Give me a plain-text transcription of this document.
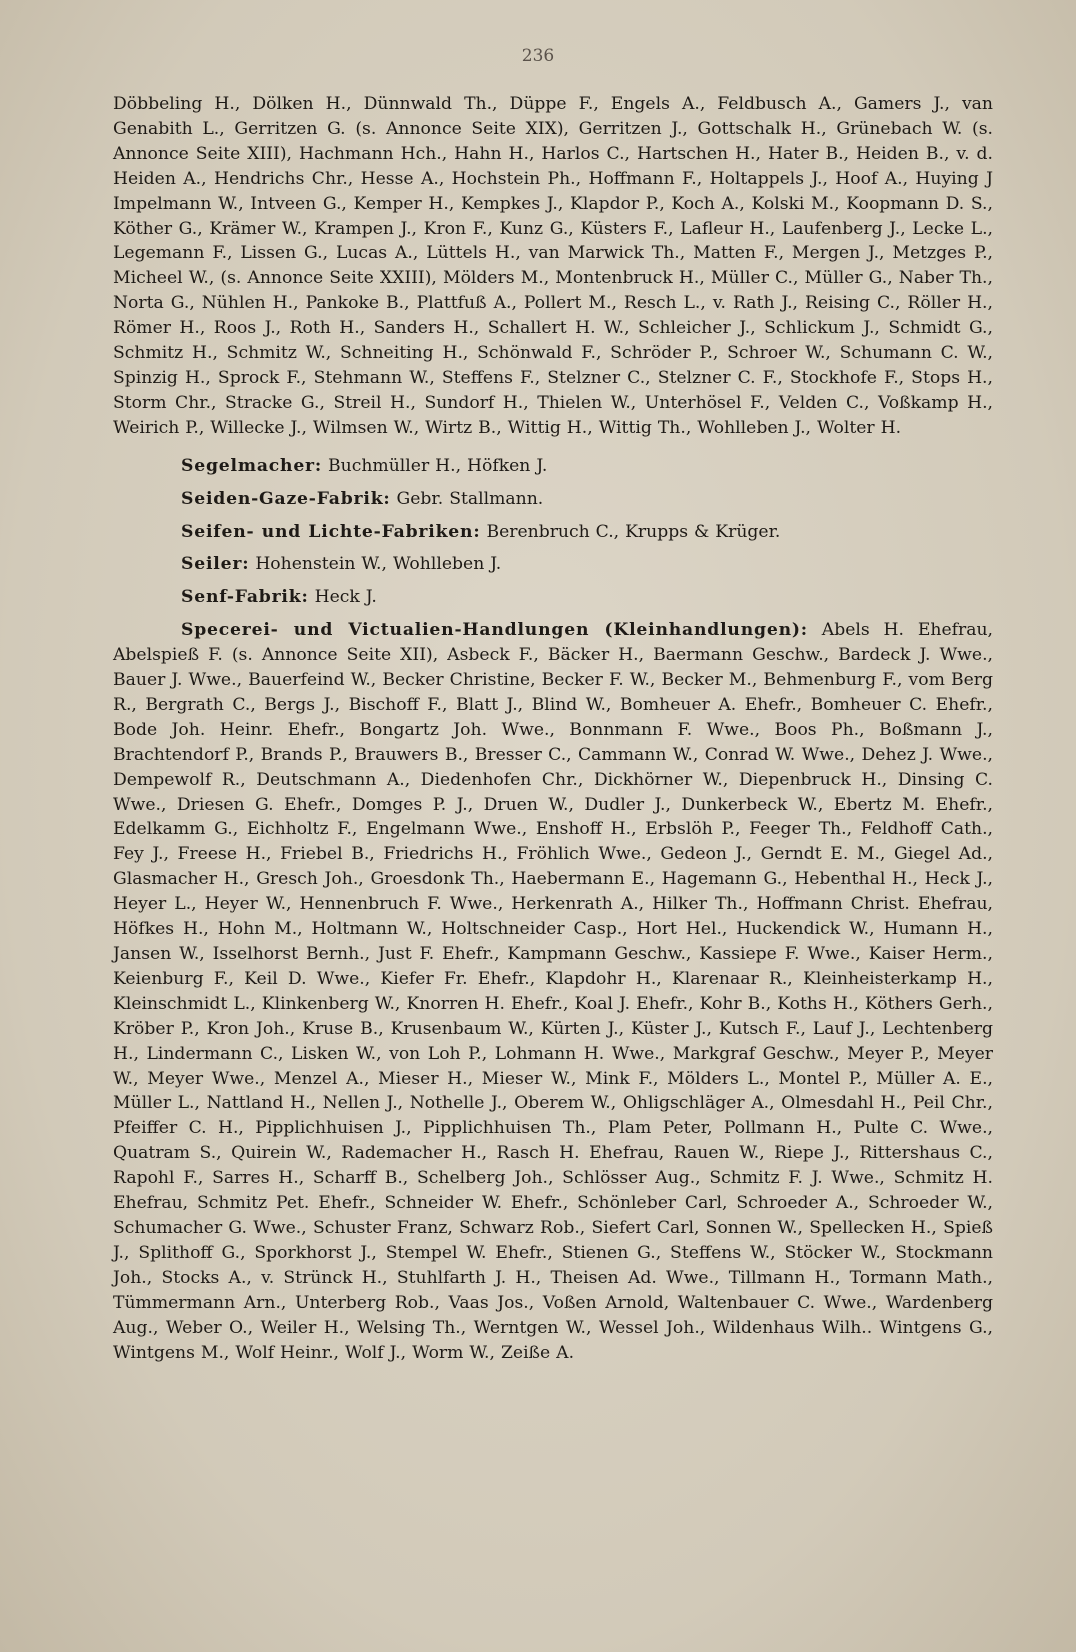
236

Döbbeling H., Dölken H., Dünnwald Th., Düppe F., Engels A., Feldbusch A., Gamers J., van Genabith L., Gerritzen G. (s. Annonce Seite XIX), Gerritzen J., Gottschalk H., Grünebach W. (s. Annonce Seite XIII), Hachmann Hch., Hahn H., Harlos C., Hartschen H., Hater B., Heiden B., v. d. Heiden A., Hendrichs Chr., Hesse A., Hochstein Ph., Hoffmann F., Holtappels J., Hoof A., Huying J Impelmann W., Intveen G., Kemper H., Kempkes J., Klapdor P., Koch A., Kolski M., Koopmann D. S., Köther G., Krämer W., Krampen J., Kron F., Kunz G., Küsters F., Lafleur H., Laufenberg J., Lecke L., Legemann F., Lissen G., Lucas A., Lüttels H., van Marwick Th., Matten F., Mergen J., Metzges P., Micheel W., (s. Annonce Seite XXIII), Mölders M., Montenbruck H., Müller C., Müller G., Naber Th., Norta G., Nühlen H., Pankoke B., Plattfuß A., Pollert M., Resch L., v. Rath J., Reising C., Röller H., Römer H., Roos J., Roth H., Sanders H., Schallert H. W., Schleicher J., Schlickum J., Schmidt G., Schmitz H., Schmitz W., Schneiting H., Schönwald F., Schröder P., Schroer W., Schumann C. W., Spinzig H., Sprock F., Stehmann W., Steffens F., Stelzner C., Stelzner C. F., Stockhofe F., Stops H., Storm Chr., Stracke G., Streil H., Sundorf H., Thielen W., Unterhösel F., Velden C., Voßkamp H., Weirich P., Willecke J., Wilmsen W., Wirtz B., Wittig H., Wittig Th., Wohlleben J., Wolter H.

Segelmacher: Buchmüller H., Höfken J.

Seiden-Gaze-Fabrik: Gebr. Stallmann.

Seifen- und Lichte-Fabriken: Berenbruch C., Krupps & Krüger.

Seiler: Hohenstein W., Wohlleben J.

Senf-Fabrik: Heck J.

Specerei- und Victualien-Handlungen (Kleinhandlungen): Abels H. Ehefrau, Abelspieß F. (s. Annonce Seite XII), Asbeck F., Bäcker H., Baermann Geschw., Bardeck J. Wwe., Bauer J. Wwe., Bauerfeind W., Becker Christine, Becker F. W., Becker M., Behmenburg F., vom Berg R., Bergrath C., Bergs J., Bischoff F., Blatt J., Blind W., Bomheuer A. Ehefr., Bomheuer C. Ehefr., Bode Joh. Heinr. Ehefr., Bongartz Joh. Wwe., Bonnmann F. Wwe., Boos Ph., Boßmann J., Brachtendorf P., Brands P., Brauwers B., Bresser C., Cammann W., Conrad W. Wwe., Dehez J. Wwe., Dempewolf R., Deutschmann A., Diedenhofen Chr., Dickhörner W., Diepenbruck H., Dinsing C. Wwe., Driesen G. Ehefr., Domges P. J., Druen W., Dudler J., Dunkerbeck W., Ebertz M. Ehefr., Edelkamm G., Eichholtz F., Engelmann Wwe., Enshoff H., Erbslöh P., Feeger Th., Feldhoff Cath., Fey J., Freese H., Friebel B., Friedrichs H., Fröhlich Wwe., Gedeon J., Gerndt E. M., Giegel Ad., Glasmacher H., Gresch Joh., Groesdonk Th., Haebermann E., Hagemann G., Hebenthal H., Heck J., Heyer L., Heyer W., Hennenbruch F. Wwe., Herkenrath A., Hilker Th., Hoffmann Christ. Ehefrau, Höfkes H., Hohn M., Holtmann W., Holtschneider Casp., Hort Hel., Huckendick W., Humann H., Jansen W., Isselhorst Bernh., Just F. Ehefr., Kampmann Geschw., Kassiepe F. Wwe., Kaiser Herm., Keienburg F., Keil D. Wwe., Kiefer Fr. Ehefr., Klapdohr H., Klarenaar R., Kleinheisterkamp H., Kleinschmidt L., Klinkenberg W., Knorren H. Ehefr., Koal J. Ehefr., Kohr B., Koths H., Köthers Gerh., Kröber P., Kron Joh., Kruse B., Krusenbaum W., Kürten J., Küster J., Kutsch F., Lauf J., Lechtenberg H., Lindermann C., Lisken W., von Loh P., Lohmann H. Wwe., Markgraf Geschw., Meyer P., Meyer W., Meyer Wwe., Menzel A., Mieser H., Mieser W., Mink F., Mölders L., Montel P., Müller A. E., Müller L., Nattland H., Nellen J., Nothelle J., Oberem W., Ohligschläger A., Olmesdahl H., Peil Chr., Pfeiffer C. H., Pipplichhuisen J., Pipplichhuisen Th., Plam Peter, Pollmann H., Pulte C. Wwe., Quatram S., Quirein W., Rademacher H., Rasch H. Ehefrau, Rauen W., Riepe J., Rittershaus C., Rapohl F., Sarres H., Scharff B., Schelberg Joh., Schlösser Aug., Schmitz F. J. Wwe., Schmitz H. Ehefrau, Schmitz Pet. Ehefr., Schneider W. Ehefr., Schönleber Carl, Schroeder A., Schroeder W., Schumacher G. Wwe., Schuster Franz, Schwarz Rob., Siefert Carl, Sonnen W., Spellecken H., Spieß J., Splithoff G., Sporkhorst J., Stempel W. Ehefr., Stienen G., Steffens W., Stöcker W., Stockmann Joh., Stocks A., v. Strünck H., Stuhlfarth J. H., Theisen Ad. Wwe., Tillmann H., Tormann Math., Tümmermann Arn., Unterberg Rob., Vaas Jos., Voßen Arnold, Waltenbauer C. Wwe., Wardenberg Aug., Weber O., Weiler H., Welsing Th., Werntgen W., Wessel Joh., Wildenhaus Wilh.. Wintgens G., Wintgens M., Wolf Heinr., Wolf J., Worm W., Zeiße A.
